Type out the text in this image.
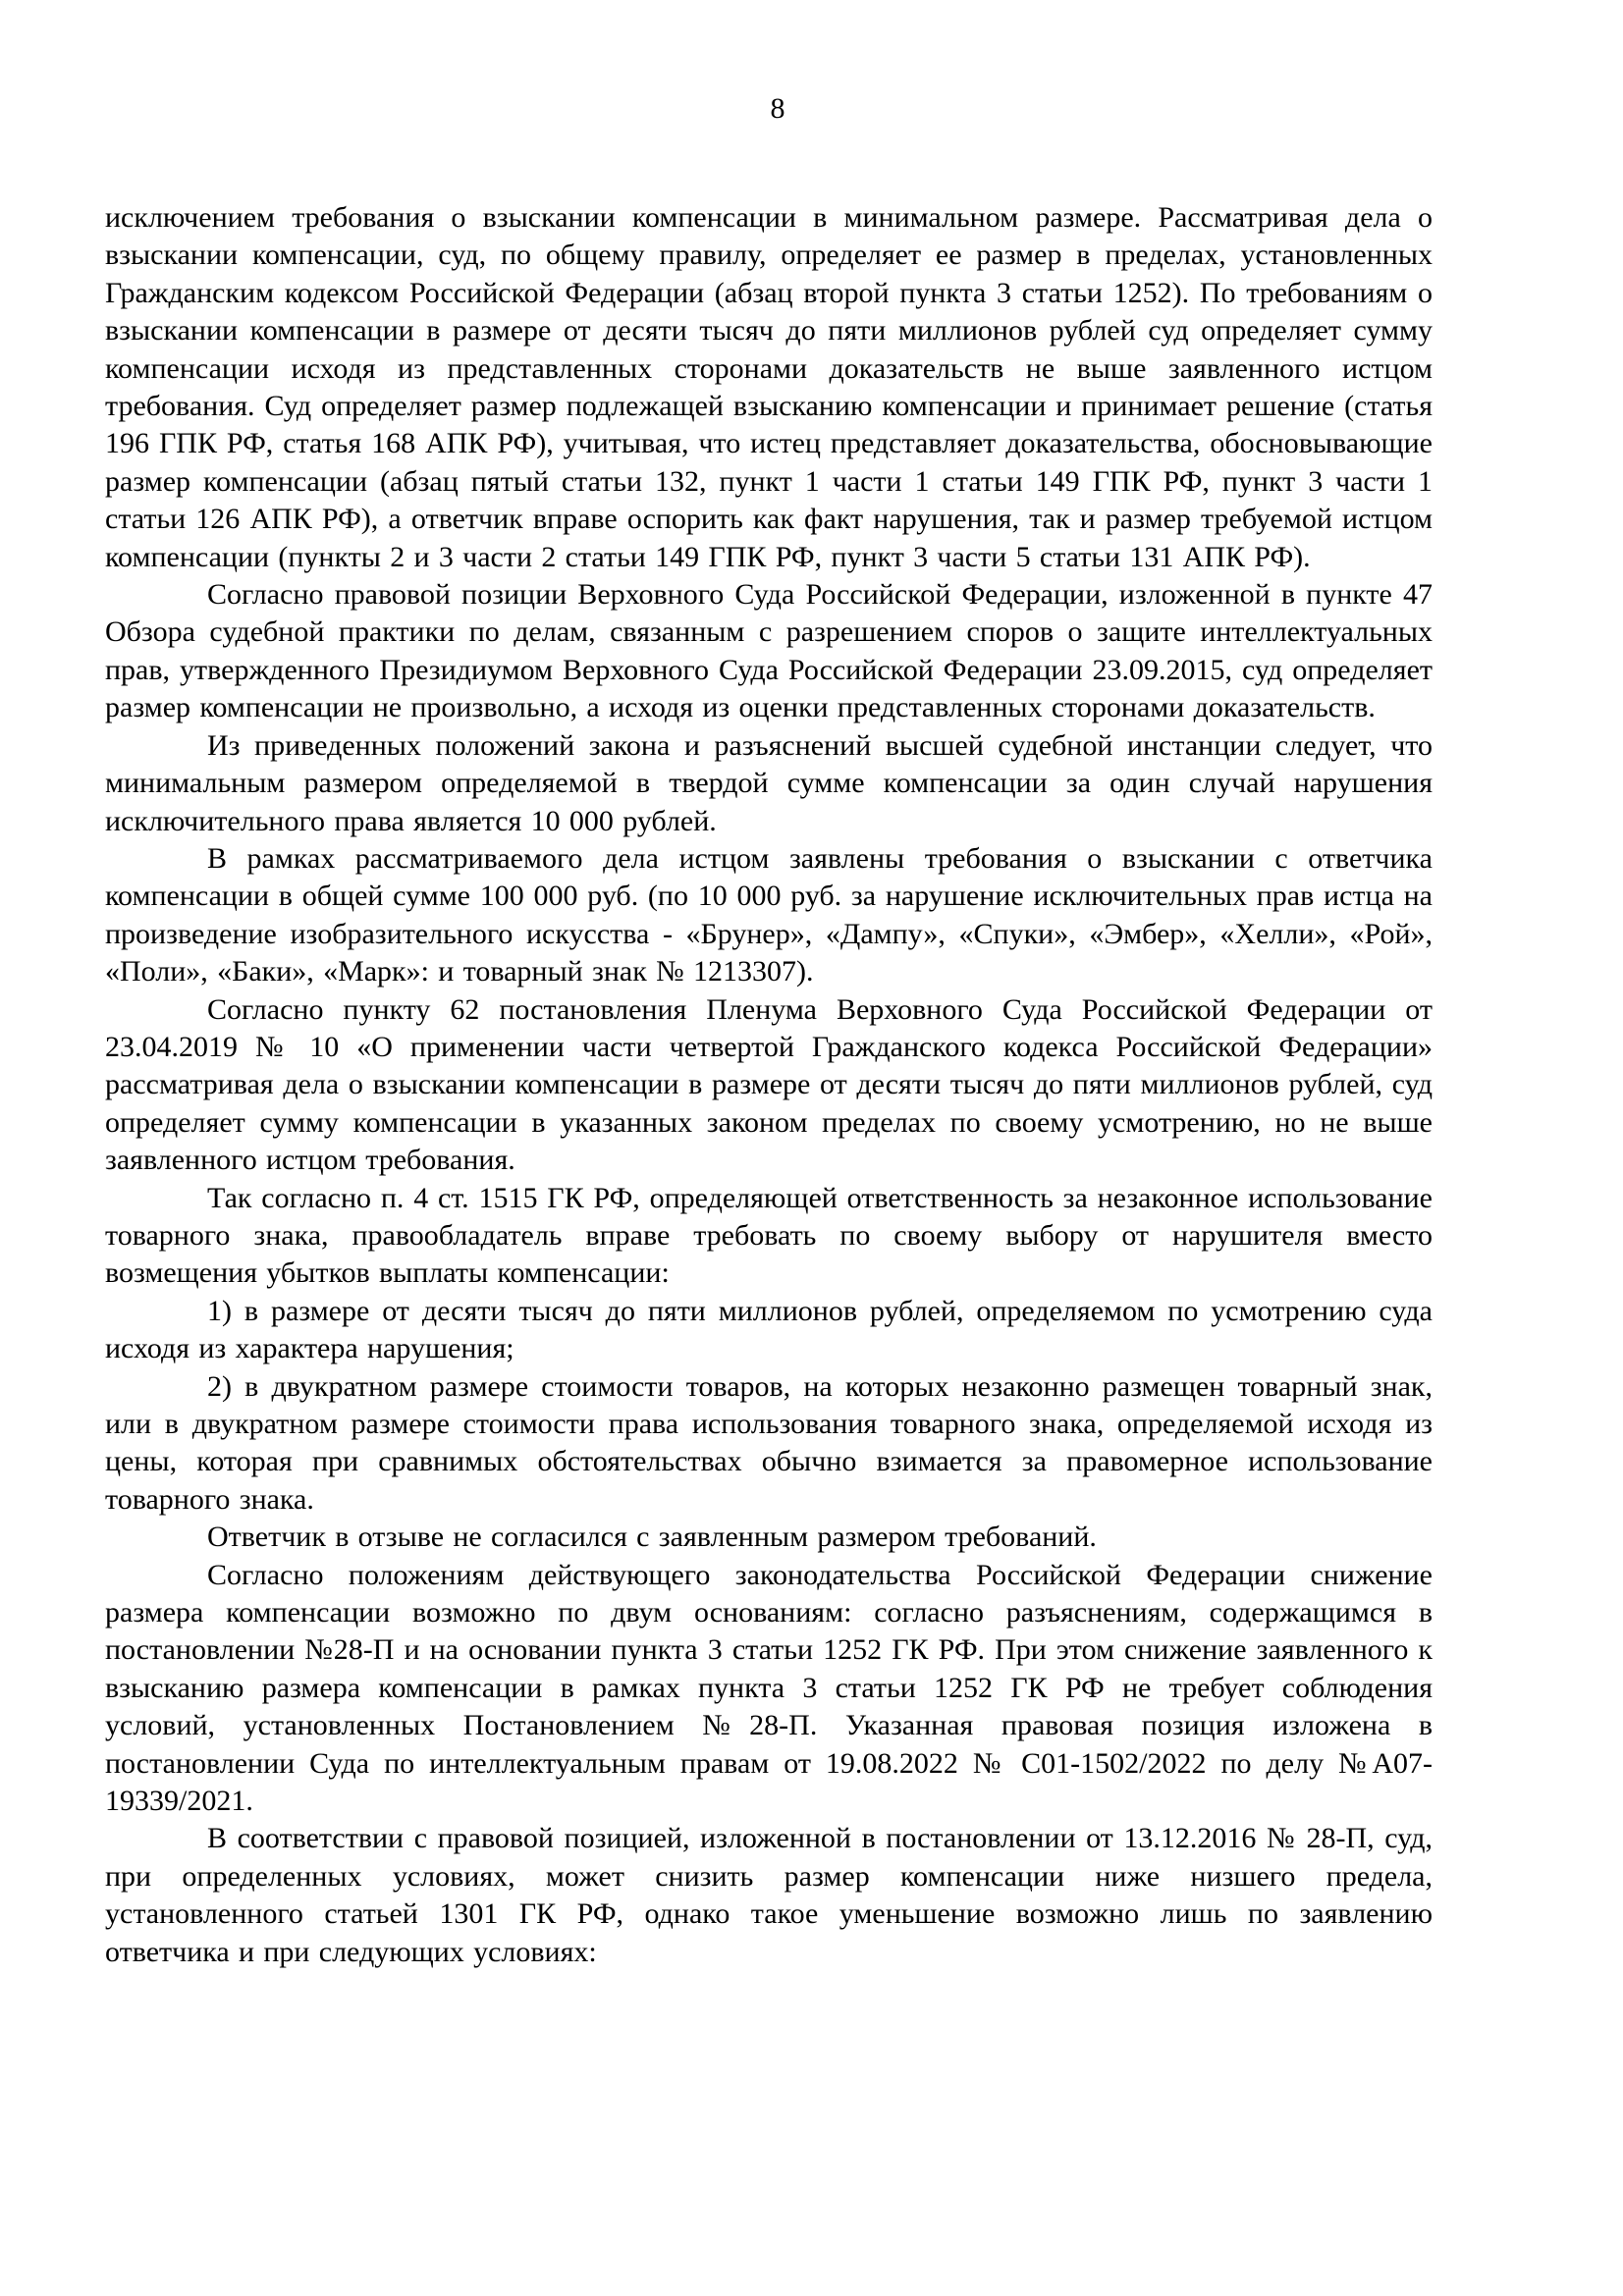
8

исключением требования о взыскании компенсации в минимальном размере. Рассматривая дела о взыскании компенсации, суд, по общему правилу, определяет ее размер в пределах, установленных Гражданским кодексом Российской Федерации (абзац второй пункта 3 статьи 1252). По требованиям о взыскании компенсации в размере от десяти тысяч до пяти миллионов рублей суд определяет сумму компенсации исходя из представленных сторонами доказательств не выше заявленного истцом требования. Суд определяет размер подлежащей взысканию компенсации и принимает решение (статья 196 ГПК РФ, статья 168 АПК РФ), учитывая, что истец представляет доказательства, обосновывающие размер компенсации (абзац пятый статьи 132, пункт 1 части 1 статьи 149 ГПК РФ, пункт 3 части 1 статьи 126 АПК РФ), а ответчик вправе оспорить как факт нарушения, так и размер требуемой истцом компенсации (пункты 2 и 3 части 2 статьи 149 ГПК РФ, пункт 3 части 5 статьи 131 АПК РФ).

Согласно правовой позиции Верховного Суда Российской Федерации, изложенной в пункте 47 Обзора судебной практики по делам, связанным с разрешением споров о защите интеллектуальных прав, утвержденного Президиумом Верховного Суда Российской Федерации 23.09.2015, суд определяет размер компенсации не произвольно, а исходя из оценки представленных сторонами доказательств.

Из приведенных положений закона и разъяснений высшей судебной инстанции следует, что минимальным размером определяемой в твердой сумме компенсации за один случай нарушения исключительного права является 10 000 рублей.

В рамках рассматриваемого дела истцом заявлены требования о взыскании с ответчика компенсации в общей сумме 100 000 руб. (по 10 000 руб. за нарушение исключительных прав истца на произведение изобразительного искусства - «Брунер», «Дампу», «Спуки», «Эмбер», «Хелли», «Рой», «Поли», «Баки», «Марк»: и товарный знак № 1213307).

Согласно пункту 62 постановления Пленума Верховного Суда Российской Федерации от 23.04.2019 № 10 «О применении части четвертой Гражданского кодекса Российской Федерации» рассматривая дела о взыскании компенсации в размере от десяти тысяч до пяти миллионов рублей, суд определяет сумму компенсации в указанных законом пределах по своему усмотрению, но не выше заявленного истцом требования.

Так согласно п. 4 ст. 1515 ГК РФ, определяющей ответственность за незаконное использование товарного знака, правообладатель вправе требовать по своему выбору от нарушителя вместо возмещения убытков выплаты компенсации:

1) в размере от десяти тысяч до пяти миллионов рублей, определяемом по усмотрению суда исходя из характера нарушения;

2) в двукратном размере стоимости товаров, на которых незаконно размещен товарный знак, или в двукратном размере стоимости права использования товарного знака, определяемой исходя из цены, которая при сравнимых обстоятельствах обычно взимается за правомерное использование товарного знака.

Ответчик в отзыве не согласился с заявленным размером требований.

Согласно положениям действующего законодательства Российской Федерации снижение размера компенсации возможно по двум основаниям: согласно разъяснениям, содержащимся в постановлении №28-П и на основании пункта 3 статьи 1252 ГК РФ. При этом снижение заявленного к взысканию размера компенсации в рамках пункта 3 статьи 1252 ГК РФ не требует соблюдения условий, установленных Постановлением №28-П. Указанная правовая позиция изложена в постановлении Суда по интеллектуальным правам от 19.08.2022 № С01-1502/2022 по делу №А07- 19339/2021.

В соответствии с правовой позицией, изложенной в постановлении от 13.12.2016 № 28-П, суд, при определенных условиях, может снизить размер компенсации ниже низшего предела, установленного статьей 1301 ГК РФ, однако такое уменьшение возможно лишь по заявлению ответчика и при следующих условиях:
